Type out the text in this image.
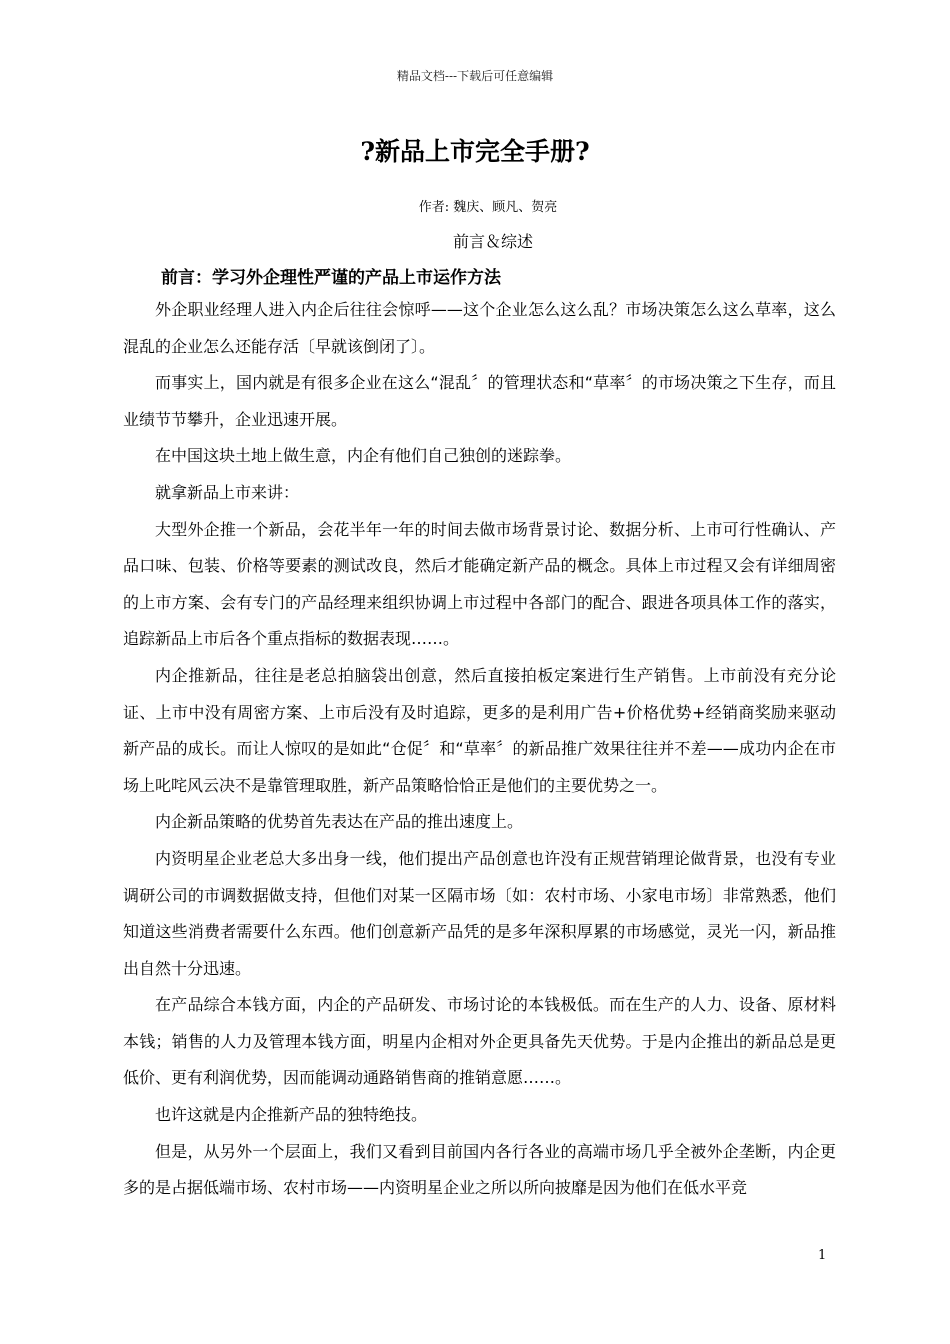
精品文档---下载后可任意编辑
?新品上市完全手册?
作者: 魏庆、顾凡、贺亮
前言＆综述
前言：学习外企理性严谨的产品上市运作方法

外企职业经理人进入内企后往往会惊呼——这个企业怎么这么乱？市场决策怎么这么草率，这么混乱的企业怎么还能存活〔早就该倒闭了〕。

而事实上，国内就是有很多企业在这么“混乱〞的管理状态和“草率〞的市场决策之下生存，而且业绩节节攀升，企业迅速开展。

在中国这块土地上做生意，内企有他们自己独创的迷踪拳。

就拿新品上市来讲：

大型外企推一个新品，会花半年一年的时间去做市场背景讨论、数据分析、上市可行性确认、产品口味、包装、价格等要素的测试改良，然后才能确定新产品的概念。具体上市过程又会有详细周密的上市方案、会有专门的产品经理来组织协调上市过程中各部门的配合、跟进各项具体工作的落实，追踪新品上市后各个重点指标的数据表现……。

内企推新品，往往是老总拍脑袋出创意，然后直接拍板定案进行生产销售。上市前没有充分论证、上市中没有周密方案、上市后没有及时追踪，更多的是利用广告+价格优势+经销商奖励来驱动新产品的成长。而让人惊叹的是如此“仓促〞和“草率〞的新品推广效果往往并不差——成功内企在市场上叱咤风云决不是靠管理取胜，新产品策略恰恰正是他们的主要优势之一。

内企新品策略的优势首先表达在产品的推出速度上。

内资明星企业老总大多出身一线，他们提出产品创意也许没有正规营销理论做背景，也没有专业调研公司的市调数据做支持，但他们对某一区隔市场〔如：农村市场、小家电市场〕非常熟悉，他们知道这些消费者需要什么东西。他们创意新产品凭的是多年深积厚累的市场感觉，灵光一闪，新品推出自然十分迅速。

在产品综合本钱方面，内企的产品研发、市场讨论的本钱极低。而在生产的人力、设备、原材料本钱；销售的人力及管理本钱方面，明星内企相对外企更具备先天优势。于是内企推出的新品总是更低价、更有利润优势，因而能调动通路销售商的推销意愿……。

也许这就是内企推新产品的独特绝技。

但是，从另外一个层面上，我们又看到目前国内各行各业的高端市场几乎全被外企垄断，内企更多的是占据低端市场、农村市场——内资明星企业之所以所向披靡是因为他们在低水平竞

1
